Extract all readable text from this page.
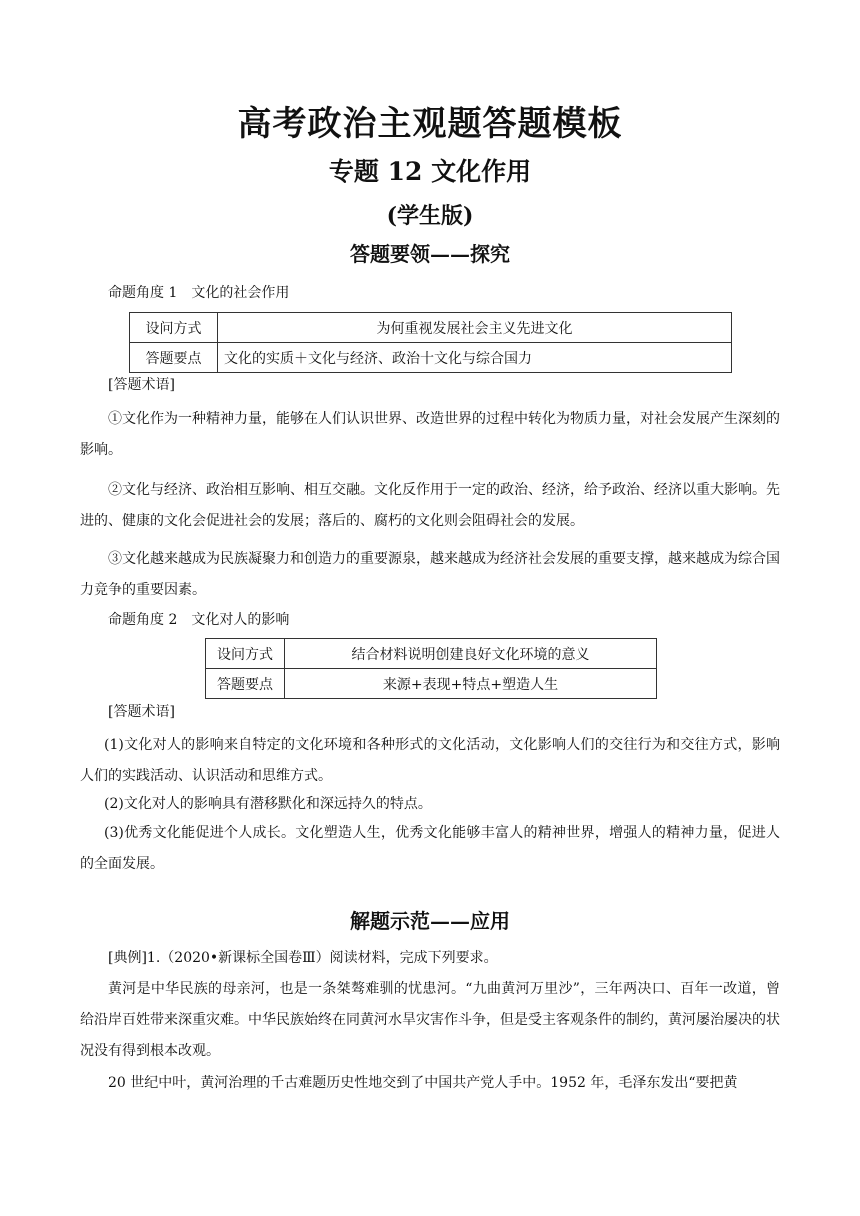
高考政治主观题答题模板
专题 12 文化作用
(学生版)
答题要领——探究
命题角度 1　文化的社会作用
设问方式	为何重视发展社会主义先进文化
答题要点	文化的实质＋文化与经济、政治十文化与综合国力
[答题术语]
①文化作为一种精神力量，能够在人们认识世界、改造世界的过程中转化为物质力量，对社会发展产生深刻的影响。
②文化与经济、政治相互影响、相互交融。文化反作用于一定的政治、经济，给予政治、经济以重大影响。先进的、健康的文化会促进社会的发展；落后的、腐朽的文化则会阻碍社会的发展。
③文化越来越成为民族凝聚力和创造力的重要源泉，越来越成为经济社会发展的重要支撑，越来越成为综合国力竞争的重要因素。
命题角度 2　文化对人的影响
设问方式	结合材料说明创建良好文化环境的意义
答题要点	来源+表现+特点+塑造人生
[答题术语]
(1)文化对人的影响来自特定的文化环境和各种形式的文化活动，文化影响人们的交往行为和交往方式，影响人们的实践活动、认识活动和思维方式。
(2)文化对人的影响具有潜移默化和深远持久的特点。
(3)优秀文化能促进个人成长。文化塑造人生，优秀文化能够丰富人的精神世界，增强人的精神力量，促进人的全面发展。
解题示范——应用
[典例]1.（2020•新课标全国卷Ⅲ）阅读材料，完成下列要求。
黄河是中华民族的母亲河，也是一条桀骜难驯的忧患河。“九曲黄河万里沙”，三年两决口、百年一改道，曾给沿岸百姓带来深重灾难。中华民族始终在同黄河水旱灾害作斗争，但是受主客观条件的制约，黄河屡治屡决的状况没有得到根本改观。
20 世纪中叶，黄河治理的千古难题历史性地交到了中国共产党人手中。1952 年，毛泽东发出“要把黄
